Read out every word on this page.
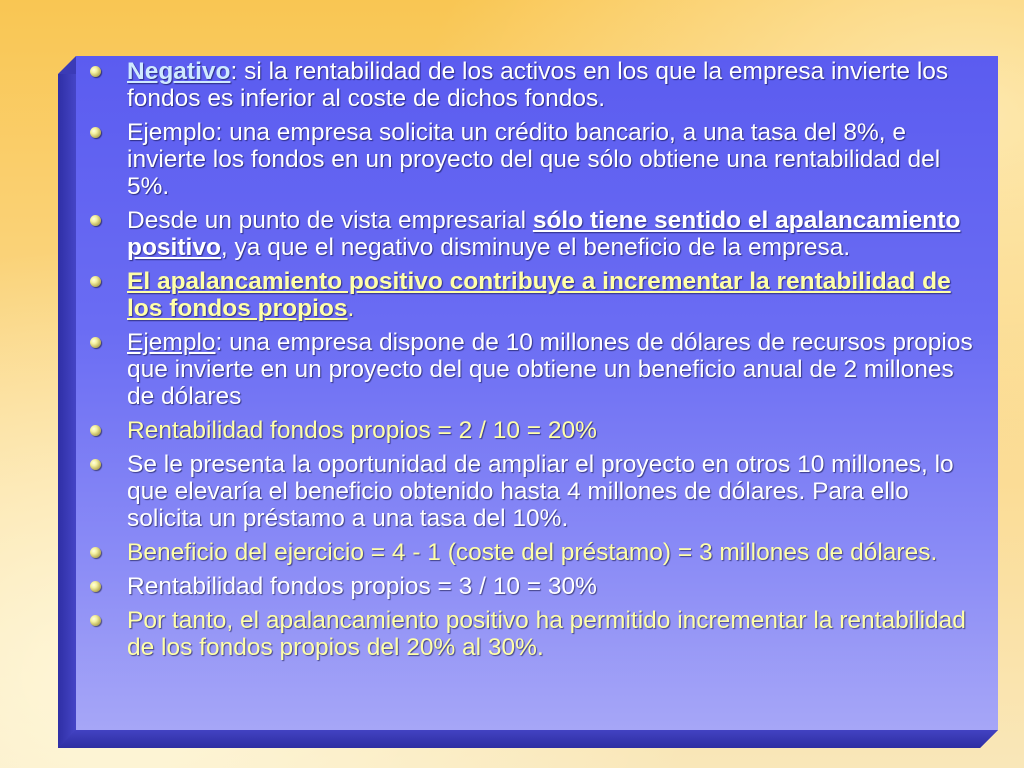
Negativo: si la rentabilidad de los activos en los que la empresa invierte los fondos es inferior al coste de dichos fondos.
Ejemplo: una empresa solicita un crédito bancario, a una tasa del 8%, e invierte los fondos en un proyecto del que sólo obtiene una rentabilidad del 5%.
Desde un punto de vista empresarial sólo tiene sentido el apalancamiento positivo, ya que el negativo disminuye el beneficio de la empresa.
El apalancamiento positivo contribuye a incrementar la rentabilidad de los fondos propios.
Ejemplo: una empresa dispone de 10 millones de dólares de recursos propios que invierte en un proyecto del que obtiene un beneficio anual de 2 millones de dólares
Rentabilidad fondos propios = 2 / 10 = 20%
Se le presenta la oportunidad de ampliar el proyecto en otros 10 millones, lo que elevaría el beneficio obtenido hasta 4 millones de dólares. Para ello solicita un préstamo a una tasa del 10%.
Beneficio del ejercicio = 4 - 1 (coste del préstamo) = 3 millones de dólares.
Rentabilidad fondos propios = 3 / 10 = 30%
Por tanto, el apalancamiento positivo ha permitido incrementar la rentabilidad de los fondos propios del 20% al 30%.
